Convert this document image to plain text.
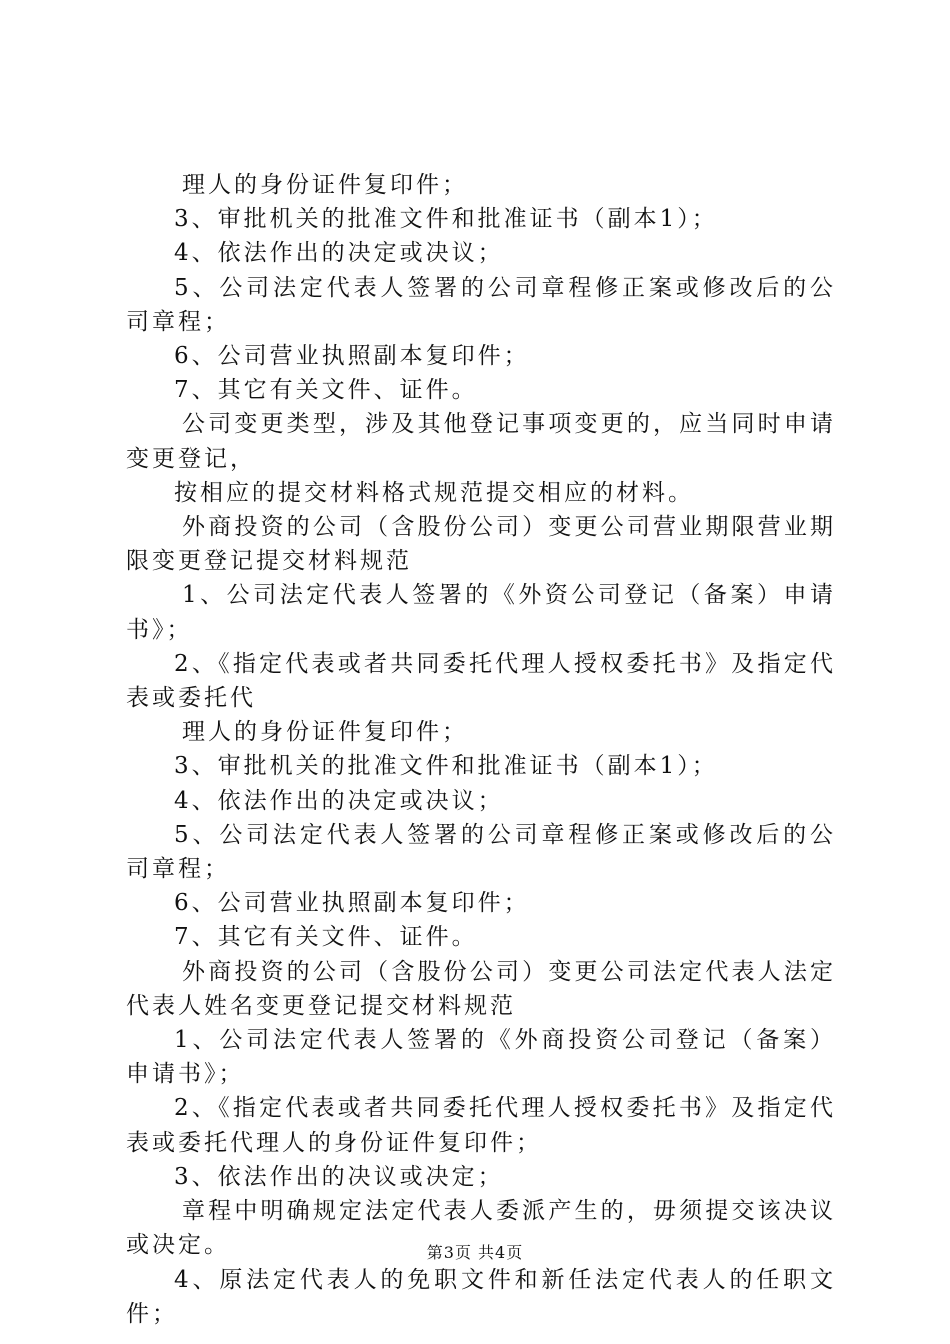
理人的身份证件复印件；

3、审批机关的批准文件和批准证书（副本1）；

4、依法作出的决定或决议；

5、公司法定代表人签署的公司章程修正案或修改后的公司章程；

6、公司营业执照副本复印件；

7、其它有关文件、证件。

公司变更类型，涉及其他登记事项变更的，应当同时申请变更登记，

按相应的提交材料格式规范提交相应的材料。

外商投资的公司（含股份公司）变更公司营业期限营业期限变更登记提交材料规范

1、公司法定代表人签署的《外资公司登记（备案）申请书》；

2、《指定代表或者共同委托代理人授权委托书》及指定代表或委托代

理人的身份证件复印件；

3、审批机关的批准文件和批准证书（副本1）；

4、依法作出的决定或决议；

5、公司法定代表人签署的公司章程修正案或修改后的公司章程；

6、公司营业执照副本复印件；

7、其它有关文件、证件。

外商投资的公司（含股份公司）变更公司法定代表人法定代表人姓名变更登记提交材料规范

1、公司法定代表人签署的《外商投资公司登记（备案）申请书》；

2、《指定代表或者共同委托代理人授权委托书》及指定代表或委托代理人的身份证件复印件；

3、依法作出的决议或决定；

章程中明确规定法定代表人委派产生的，毋须提交该决议或决定。

4、原法定代表人的免职文件和新任法定代表人的任职文件；

第3页 共4页
